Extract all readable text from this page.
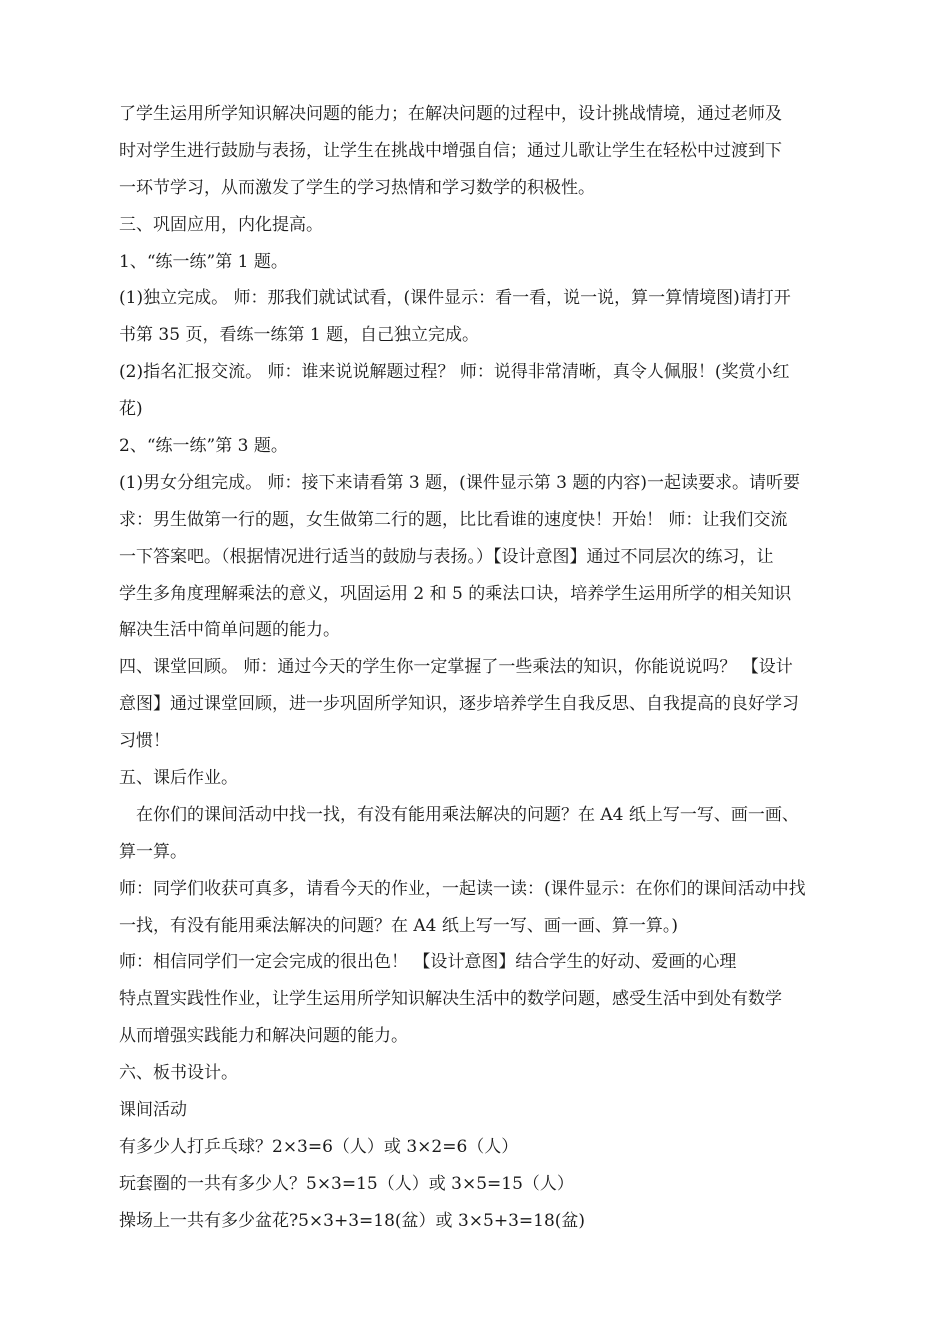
了学生运用所学知识解决问题的能力；在解决问题的过程中，设计挑战情境，通过老师及
时对学生进行鼓励与表扬，让学生在挑战中增强自信；通过儿歌让学生在轻松中过渡到下
一环节学习，从而激发了学生的学习热情和学习数学的积极性。
三、巩固应用，内化提高。
1、“练一练”第 1 题。
(1)独立完成。 师：那我们就试试看，(课件显示：看一看，说一说，算一算情境图)请打开
书第 35 页，看练一练第 1 题，自己独立完成。
(2)指名汇报交流。 师：谁来说说解题过程？ 师：说得非常清晰，真令人佩服！(奖赏小红
花)
2、“练一练”第 3 题。
(1)男女分组完成。 师：接下来请看第 3 题，(课件显示第 3 题的内容)一起读要求。请听要
求：男生做第一行的题，女生做第二行的题，比比看谁的速度快！开始！ 师：让我们交流
一下答案吧。（根据情况进行适当的鼓励与表扬。）【设计意图】通过不同层次的练习，让
学生多角度理解乘法的意义，巩固运用 2 和 5 的乘法口诀，培养学生运用所学的相关知识
解决生活中简单问题的能力。
四、课堂回顾。 师：通过今天的学生你一定掌握了一些乘法的知识，你能说说吗？ 【设计
意图】通过课堂回顾，进一步巩固所学知识，逐步培养学生自我反思、自我提高的良好学习
习惯！
五、课后作业。
在你们的课间活动中找一找，有没有能用乘法解决的问题？在 A4 纸上写一写、画一画、
算一算。
师：同学们收获可真多，请看今天的作业，一起读一读：(课件显示：在你们的课间活动中找
一找，有没有能用乘法解决的问题？在 A4 纸上写一写、画一画、算一算。)
师：相信同学们一定会完成的很出色！ 【设计意图】结合学生的好动、爱画的心理
特点置实践性作业，让学生运用所学知识解决生活中的数学问题，感受生活中到处有数学
从而增强实践能力和解决问题的能力。
六、板书设计。
课间活动
有多少人打乒乓球？2×3=6（人）或 3×2=6（人）
玩套圈的一共有多少人？5×3=15（人）或 3×5=15（人）
操场上一共有多少盆花?5×3+3=18(盆）或 3×5+3=18(盆)
